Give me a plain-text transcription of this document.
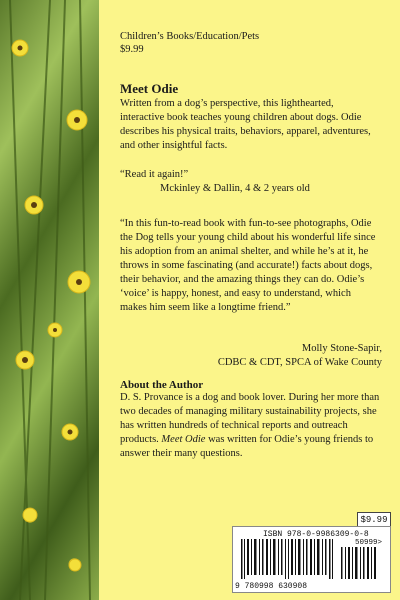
Children’s Books/Education/Pets
$9.99
Meet Odie
Written from a dog’s perspective, this lighthearted, interactive book teaches young children about dogs. Odie describes his physical traits, behaviors, apparel, adventures, and other insightful facts.
“Read it again!”
Mckinley & Dallin, 4 & 2 years old
“In this fun-to-read book with fun-to-see photographs, Odie the Dog tells your young child about his wonderful life since his adoption from an animal shelter, and while he’s at it, he throws in some fascinating (and accurate!) facts about dogs, their behavior, and the amazing things they can do. Odie’s ‘voice’ is happy, honest, and easy to understand, which makes him seem like a longtime friend.”
Molly Stone-Sapir,
CDBC & CDT, SPCA of Wake County
About the Author
D. S. Provance is a dog and book lover. During her more than two decades of managing military sustainability projects, she has written hundreds of technical reports and outreach products. Meet Odie was written for Odie’s young friends to answer their many questions.
$9.99
ISBN 978-0-9986309-0-8
50999>
9 780998 630908
